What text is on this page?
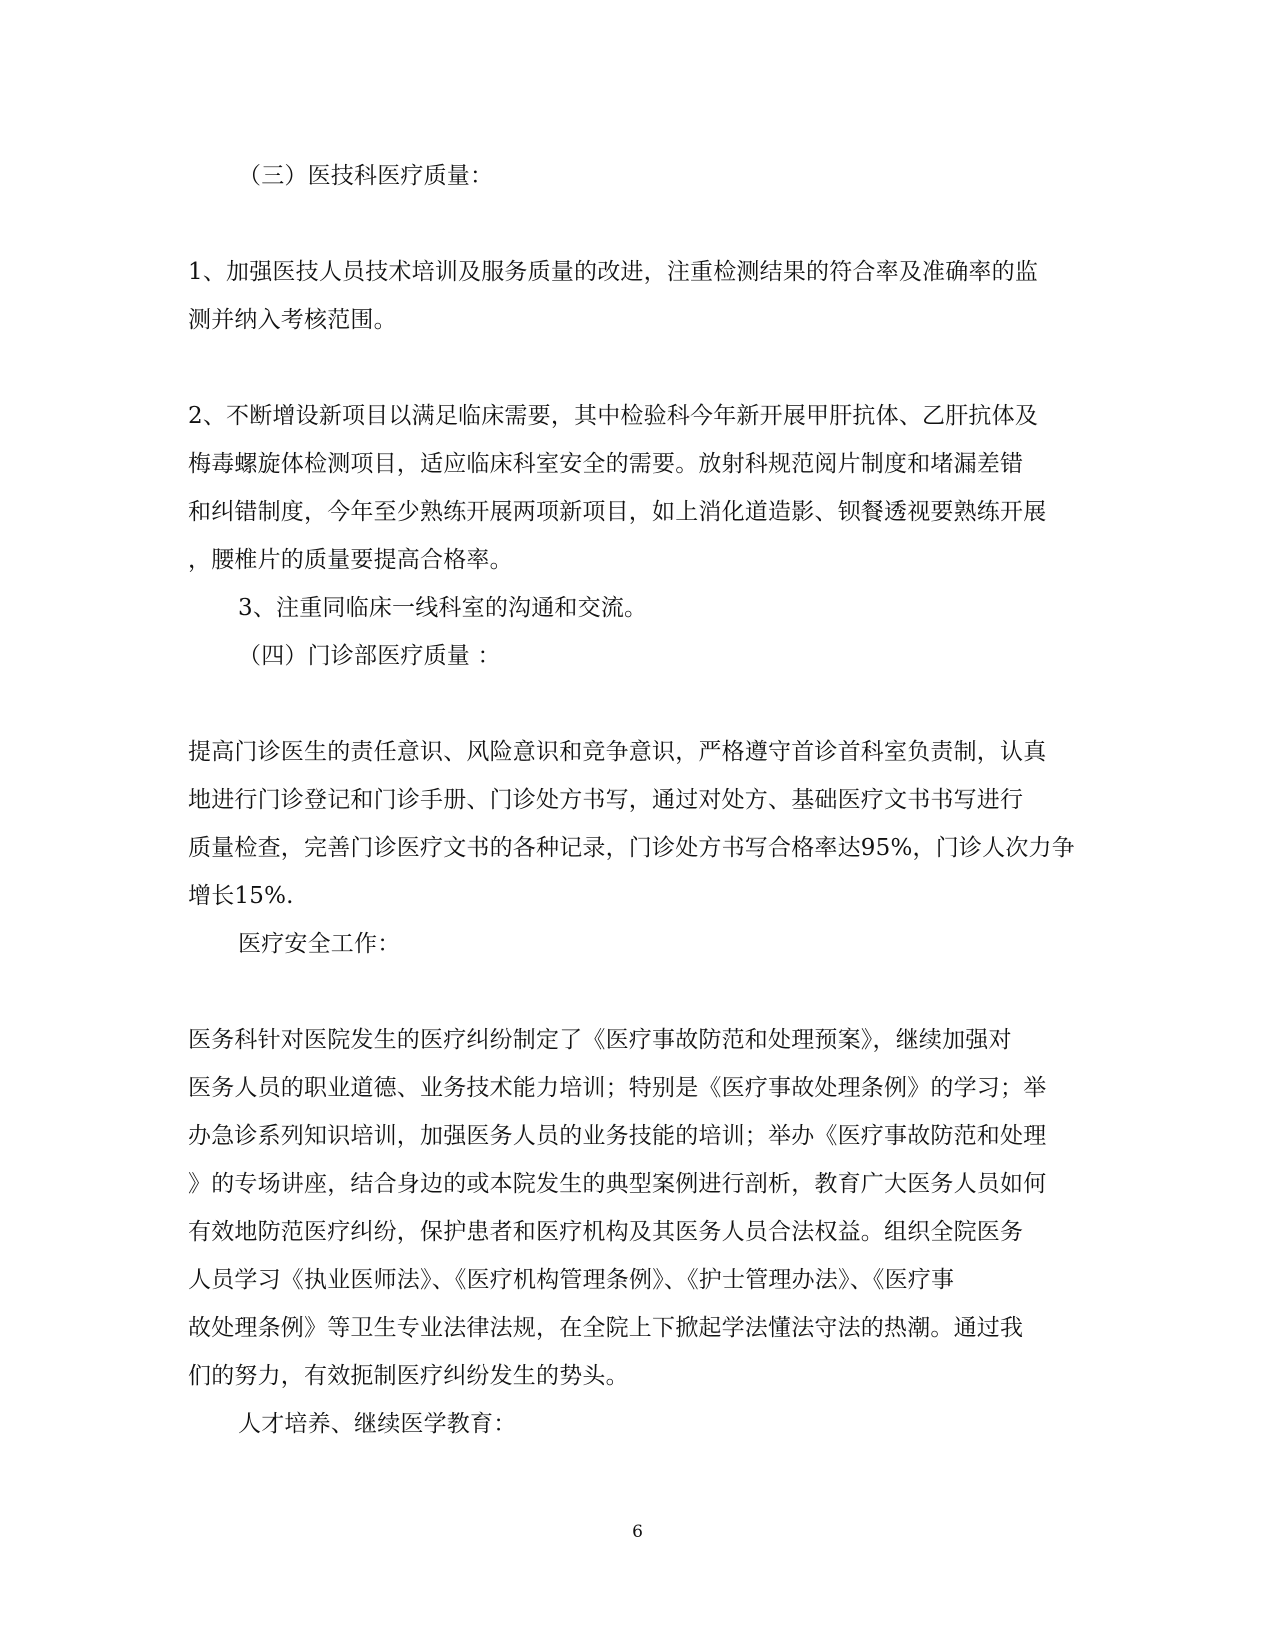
（三）医技科医疗质量：

1、加强医技人员技术培训及服务质量的改进，注重检测结果的符合率及准确率的监

测并纳入考核范围。

2、不断增设新项目以满足临床需要，其中检验科今年新开展甲肝抗体、乙肝抗体及

梅毒螺旋体检测项目，适应临床科室安全的需要。放射科规范阅片制度和堵漏差错

和纠错制度，今年至少熟练开展两项新项目，如上消化道造影、钡餐透视要熟练开展

，腰椎片的质量要提高合格率。

3、注重同临床一线科室的沟通和交流。

（四）门诊部医疗质量 ：

提高门诊医生的责任意识、风险意识和竞争意识，严格遵守首诊首科室负责制，认真

地进行门诊登记和门诊手册、门诊处方书写，通过对处方、基础医疗文书书写进行

质量检查，完善门诊医疗文书的各种记录，门诊处方书写合格率达95%，门诊人次力争

增长15%.

医疗安全工作：

医务科针对医院发生的医疗纠纷制定了《医疗事故防范和处理预案》，继续加强对

医务人员的职业道德、业务技术能力培训；特别是《医疗事故处理条例》的学习；举

办急诊系列知识培训，加强医务人员的业务技能的培训；举办《医疗事故防范和处理

》的专场讲座，结合身边的或本院发生的典型案例进行剖析，教育广大医务人员如何

有效地防范医疗纠纷，保护患者和医疗机构及其医务人员合法权益。组织全院医务

人员学习《执业医师法》、《医疗机构管理条例》、《护士管理办法》、《医疗事

故处理条例》等卫生专业法律法规，在全院上下掀起学法懂法守法的热潮。通过我

们的努力，有效扼制医疗纠纷发生的势头。

人才培养、继续医学教育：

6
